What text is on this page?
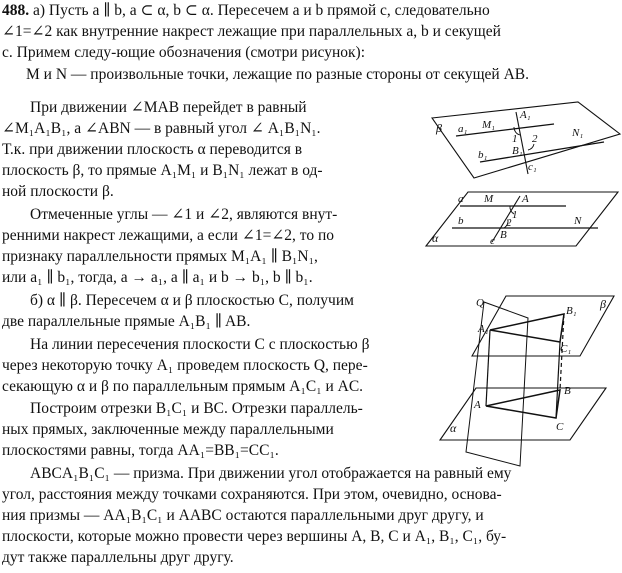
488. а) Пусть a ∥ b, a ⊂ α, b ⊂ α. Пересечем a и b прямой c, следовательно
∠1=∠2 как внутренние накрест лежащие при параллельных a, b и секущей
c. Примем следу-ющие обозначения (смотри рисунок):
M и N — произвольные точки, лежащие по разные стороны от секущей AB.
При движении ∠MAB перейдет в равный
∠M₁A₁B₁, а ∠ABN — в равный угол ∠ A₁B₁N₁.
Т.к. при движении плоскость α переводится в
плоскость β, то прямые A₁M₁ и B₁N₁ лежат в од-
ной плоскости β.
Отмеченные углы — ∠1 и ∠2, являются внут-
ренними накрест лежащими, а если ∠1=∠2, то по
признаку параллельности прямых M₁A₁ ∥ B₁N₁,
или a₁ ∥ b₁, тогда, a → a₁, a ∥ a₁ и b → b₁, b ∥ b₁.
б) α ∥ β. Пересечем α и β плоскостью C, получим
две параллельные прямые A₁B₁ ∥ AB.
На линии пересечения плоскости C с плоскостью β
через некоторую точку A₁ проведем плоскость Q, пере-
секающую α и β по параллельным прямым A₁C₁ и AC.
Построим отрезки B₁C₁ и BC. Отрезки параллель-
ных прямых, заключенные между параллельными
плоскостями равны, тогда AA₁=BB₁=CC₁.
ABCA₁B₁C₁ — призма. При движении угол отображается на равный ему
угол, расстояния между точками сохраняются. При этом, очевидно, основа-
ния призмы — AA₁B₁C₁ и AABC остаются параллельными друг другу, и
плоскости, которые можно провести через вершины A, B, C и A₁, B₁, C₁, бу-
дут также параллельны друг другу.
β a₁ M₁
A₁
1 2	N₁
B₁
b₁
c₁
a M	A
1
2	N
b
B
c
α
Q	β
A₁
B₁
C₁
C
A
B
α
